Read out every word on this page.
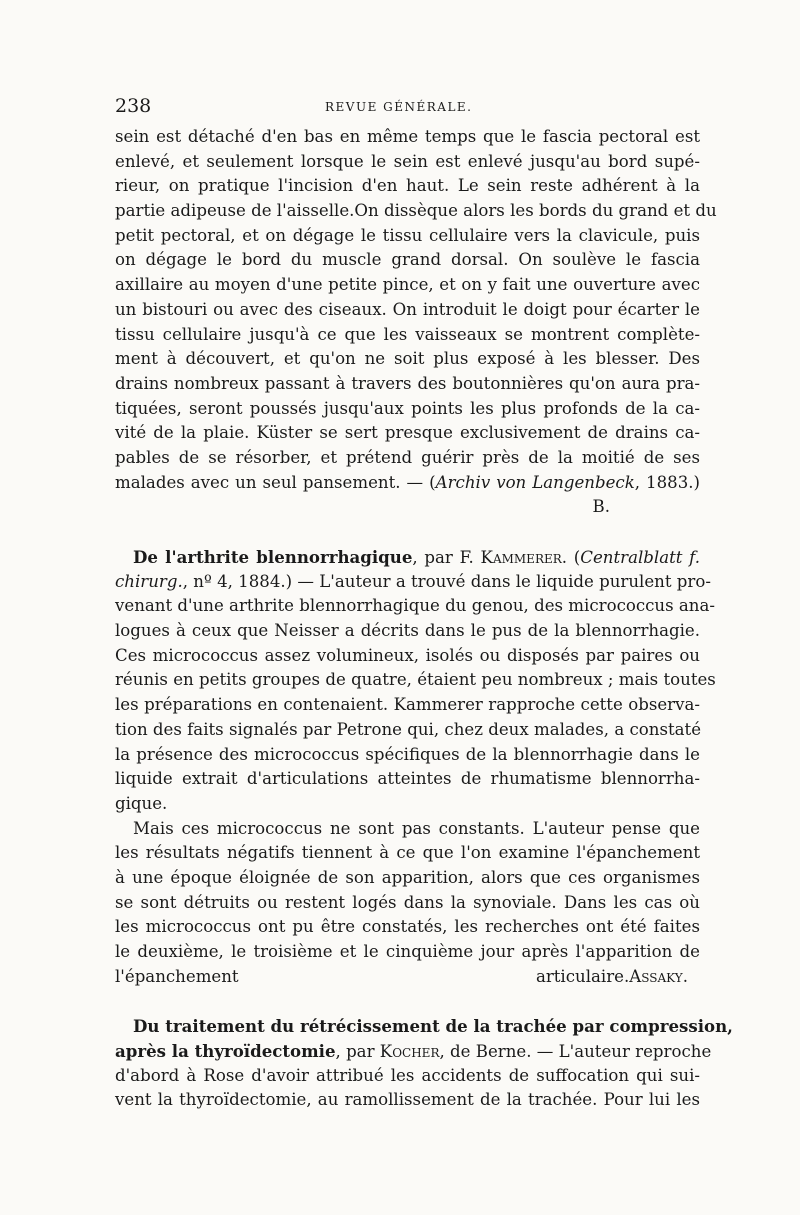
238	REVUE GÉNÉRALE.
sein est détaché d'en bas en même temps que le fascia pectoral est
enlevé, et seulement lorsque le sein est enlevé jusqu'au bord supé-
rieur, on pratique l'incision d'en haut. Le sein reste adhérent à la
partie adipeuse de l'aisselle.On dissèque alors les bords du grand et du
petit pectoral, et on dégage le tissu cellulaire vers la clavicule, puis
on dégage le bord du muscle grand dorsal. On soulève le fascia
axillaire au moyen d'une petite pince, et on y fait une ouverture avec
un bistouri ou avec des ciseaux. On introduit le doigt pour écarter le
tissu cellulaire jusqu'à ce que les vaisseaux se montrent complète-
ment à découvert, et qu'on ne soit plus exposé à les blesser. Des
drains nombreux passant à travers des boutonnières qu'on aura pra-
tiquées, seront poussés jusqu'aux points les plus profonds de la ca-
vité de la plaie. Küster se sert presque exclusivement de drains ca-
pables de se résorber, et prétend guérir près de la moitié de ses
malades avec un seul pansement. — (Archiv von Langenbeck, 1883.)
B.
De l'arthrite blennorrhagique, par F. Kammerer. (Centralblatt f.
chirurg., nº 4, 1884.) — L'auteur a trouvé dans le liquide purulent pro-
venant d'une arthrite blennorrhagique du genou, des micrococcus ana-
logues à ceux que Neisser a décrits dans le pus de la blennorrhagie.
Ces micrococcus assez volumineux, isolés ou disposés par paires ou
réunis en petits groupes de quatre, étaient peu nombreux ; mais toutes
les préparations en contenaient. Kammerer rapproche cette observa-
tion des faits signalés par Petrone qui, chez deux malades, a constaté
la présence des micrococcus spécifiques de la blennorrhagie dans le
liquide extrait d'articulations atteintes de rhumatisme blennorrha-
gique.
Mais ces micrococcus ne sont pas constants. L'auteur pense que
les résultats négatifs tiennent à ce que l'on examine l'épanchement
à une époque éloignée de son apparition, alors que ces organismes
se sont détruits ou restent logés dans la synoviale. Dans les cas où
les micrococcus ont pu être constatés, les recherches ont été faites
le deuxième, le troisième et le cinquième jour après l'apparition de
l'épanchement articulaire.Assaky.
Du traitement du rétrécissement de la trachée par compression,
après la thyroïdectomie, par Kocher, de Berne. — L'auteur reproche
d'abord à Rose d'avoir attribué les accidents de suffocation qui sui-
vent la thyroïdectomie, au ramollissement de la trachée. Pour lui les
